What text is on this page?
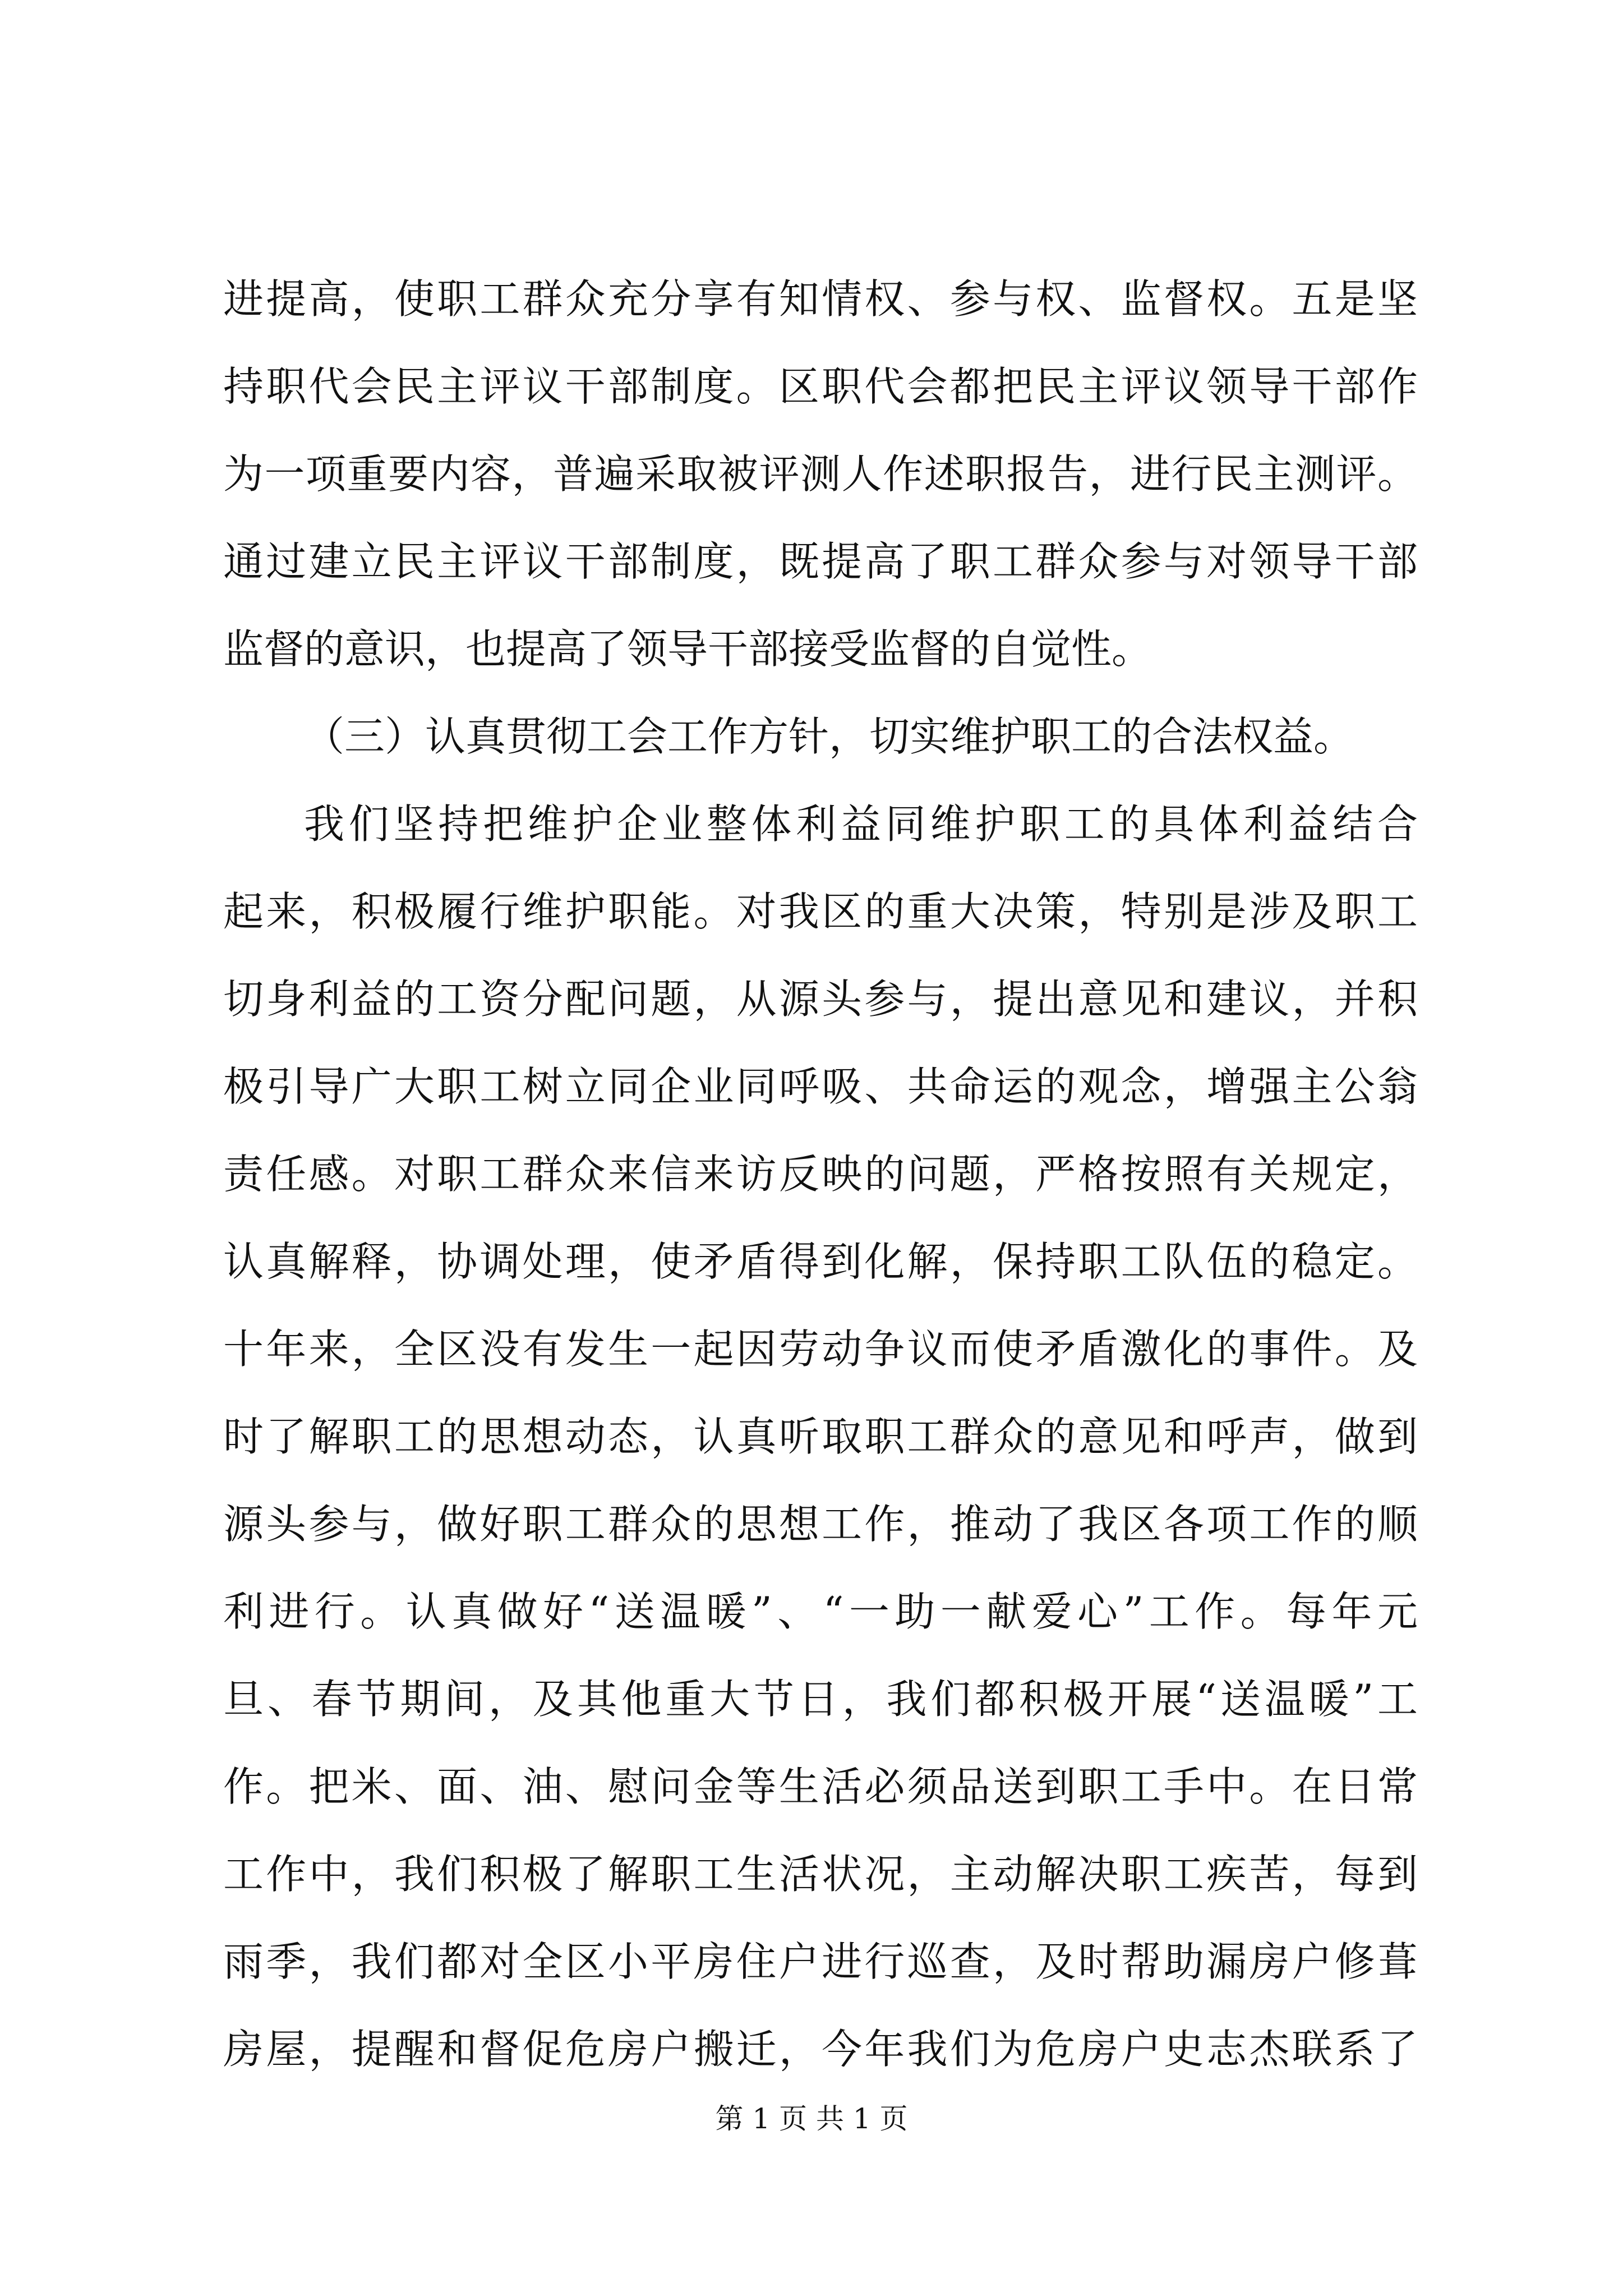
进提高，使职工群众充分享有知情权、参与权、监督权。五是坚
持职代会民主评议干部制度。区职代会都把民主评议领导干部作
为一项重要内容，普遍采取被评测人作述职报告，进行民主测评。
通过建立民主评议干部制度，既提高了职工群众参与对领导干部
监督的意识，也提高了领导干部接受监督的自觉性。
（三）认真贯彻工会工作方针，切实维护职工的合法权益。
我们坚持把维护企业整体利益同维护职工的具体利益结合
起来，积极履行维护职能。对我区的重大决策，特别是涉及职工
切身利益的工资分配问题，从源头参与，提出意见和建议，并积
极引导广大职工树立同企业同呼吸、共命运的观念，增强主公翁
责任感。对职工群众来信来访反映的问题，严格按照有关规定，
认真解释，协调处理，使矛盾得到化解，保持职工队伍的稳定。
十年来，全区没有发生一起因劳动争议而使矛盾激化的事件。及
时了解职工的思想动态，认真听取职工群众的意见和呼声，做到
源头参与，做好职工群众的思想工作，推动了我区各项工作的顺
利进行。认真做好“送温暖”、“一助一献爱心”工作。每年元
旦、春节期间，及其他重大节日，我们都积极开展“送温暖”工
作。把米、面、油、慰问金等生活必须品送到职工手中。在日常
工作中，我们积极了解职工生活状况，主动解决职工疾苦，每到
雨季，我们都对全区小平房住户进行巡查，及时帮助漏房户修葺
房屋，提醒和督促危房户搬迁，今年我们为危房户史志杰联系了
第 1 页 共 1 页
